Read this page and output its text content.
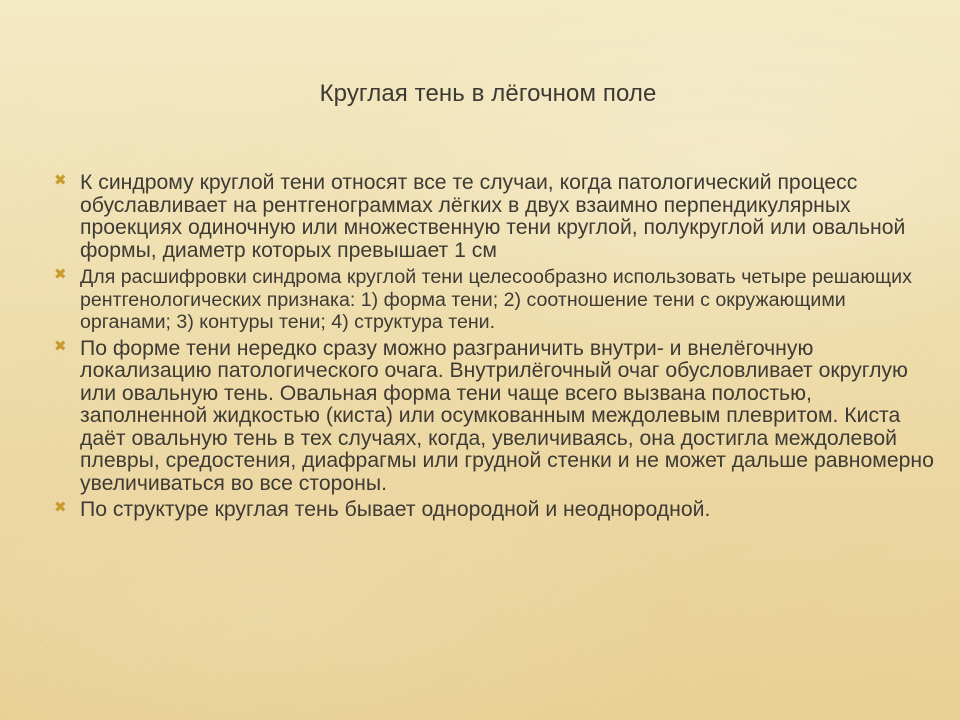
Круглая тень в лёгочном поле
✖ К синдрому круглой тени относят все те случаи, когда патологический процесс обуславливает на рентгенограммах лёгких в двух взаимно перпендикулярных проекциях одиночную или множественную тени круглой, полукруглой или овальной формы, диаметр которых превышает 1 см
✖ Для расшифровки синдрома круглой тени целесообразно использовать четыре решающих рентгенологических признака: 1) форма тени; 2) соотношение тени с окружающими органами; 3) контуры тени; 4) структура тени.
✖ По форме тени нередко сразу можно разграничить внутри- и внелёгочную локализацию патологического очага. Внутрилёгочный очаг обусловливает округлую или овальную тень. Овальная форма тени чаще всего вызвана полостью, заполненной жидкостью (киста) или осумкованным междолевым плевритом. Киста даёт овальную тень в тех случаях, когда, увеличиваясь, она достигла междолевой плевры, средостения, диафрагмы или грудной стенки и не может дальше равномерно увеличиваться во все стороны.
✖ По структуре круглая тень бывает однородной и неоднородной.
